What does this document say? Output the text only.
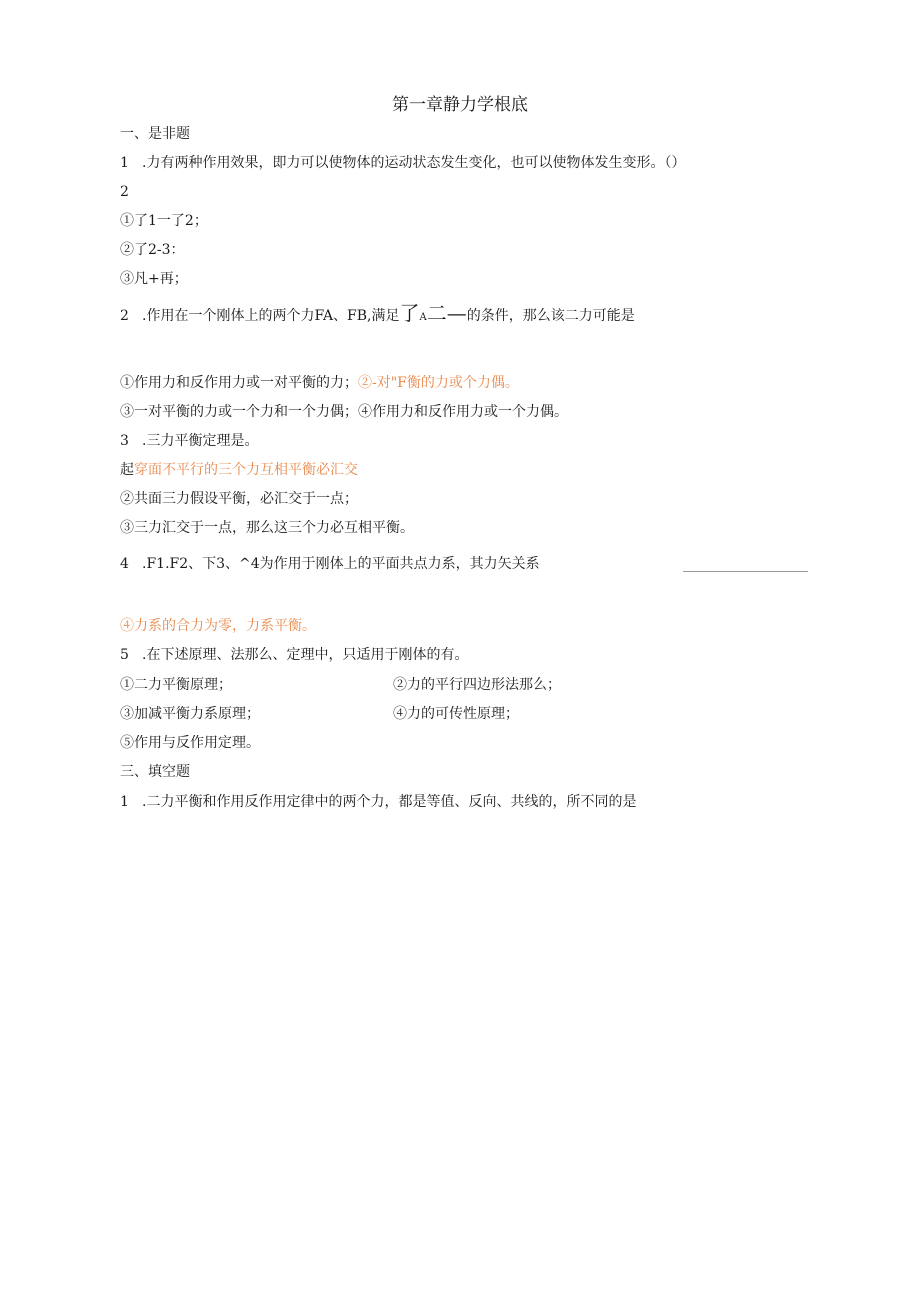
第一章静力学根底
一、是非题
1 .力有两种作用效果，即力可以使物体的运动状态发生变化，也可以使物体发生变形。（）
2
①了1一了2；
②了2-3：
③凡+再；
2 .作用在一个刚体上的两个力FA、FB,满足了A二—的条件，那么该二力可能是
①作用力和反作用力或一对平衡的力；②-对"F衡的力或个力偶。
③一对平衡的力或一个力和一个力偶；④作用力和反作用力或一个力偶。
3 .三力平衡定理是。
起穿面不平行的三个力互相平衡必汇交
②共面三力假设平衡，必汇交于一点；
③三力汇交于一点，那么这三个力必互相平衡。
4 .F1.F2、下3、^4为作用于刚体上的平面共点力系，其力矢关系
④力系的合力为零，力系平衡。
5 .在下述原理、法那么、定理中，只适用于刚体的有。
①二力平衡原理；	②力的平行四边形法那么；
③加减平衡力系原理；	④力的可传性原理；
⑤作用与反作用定理。
三、填空题
1 .二力平衡和作用反作用定律中的两个力，都是等值、反向、共线的，所不同的是
